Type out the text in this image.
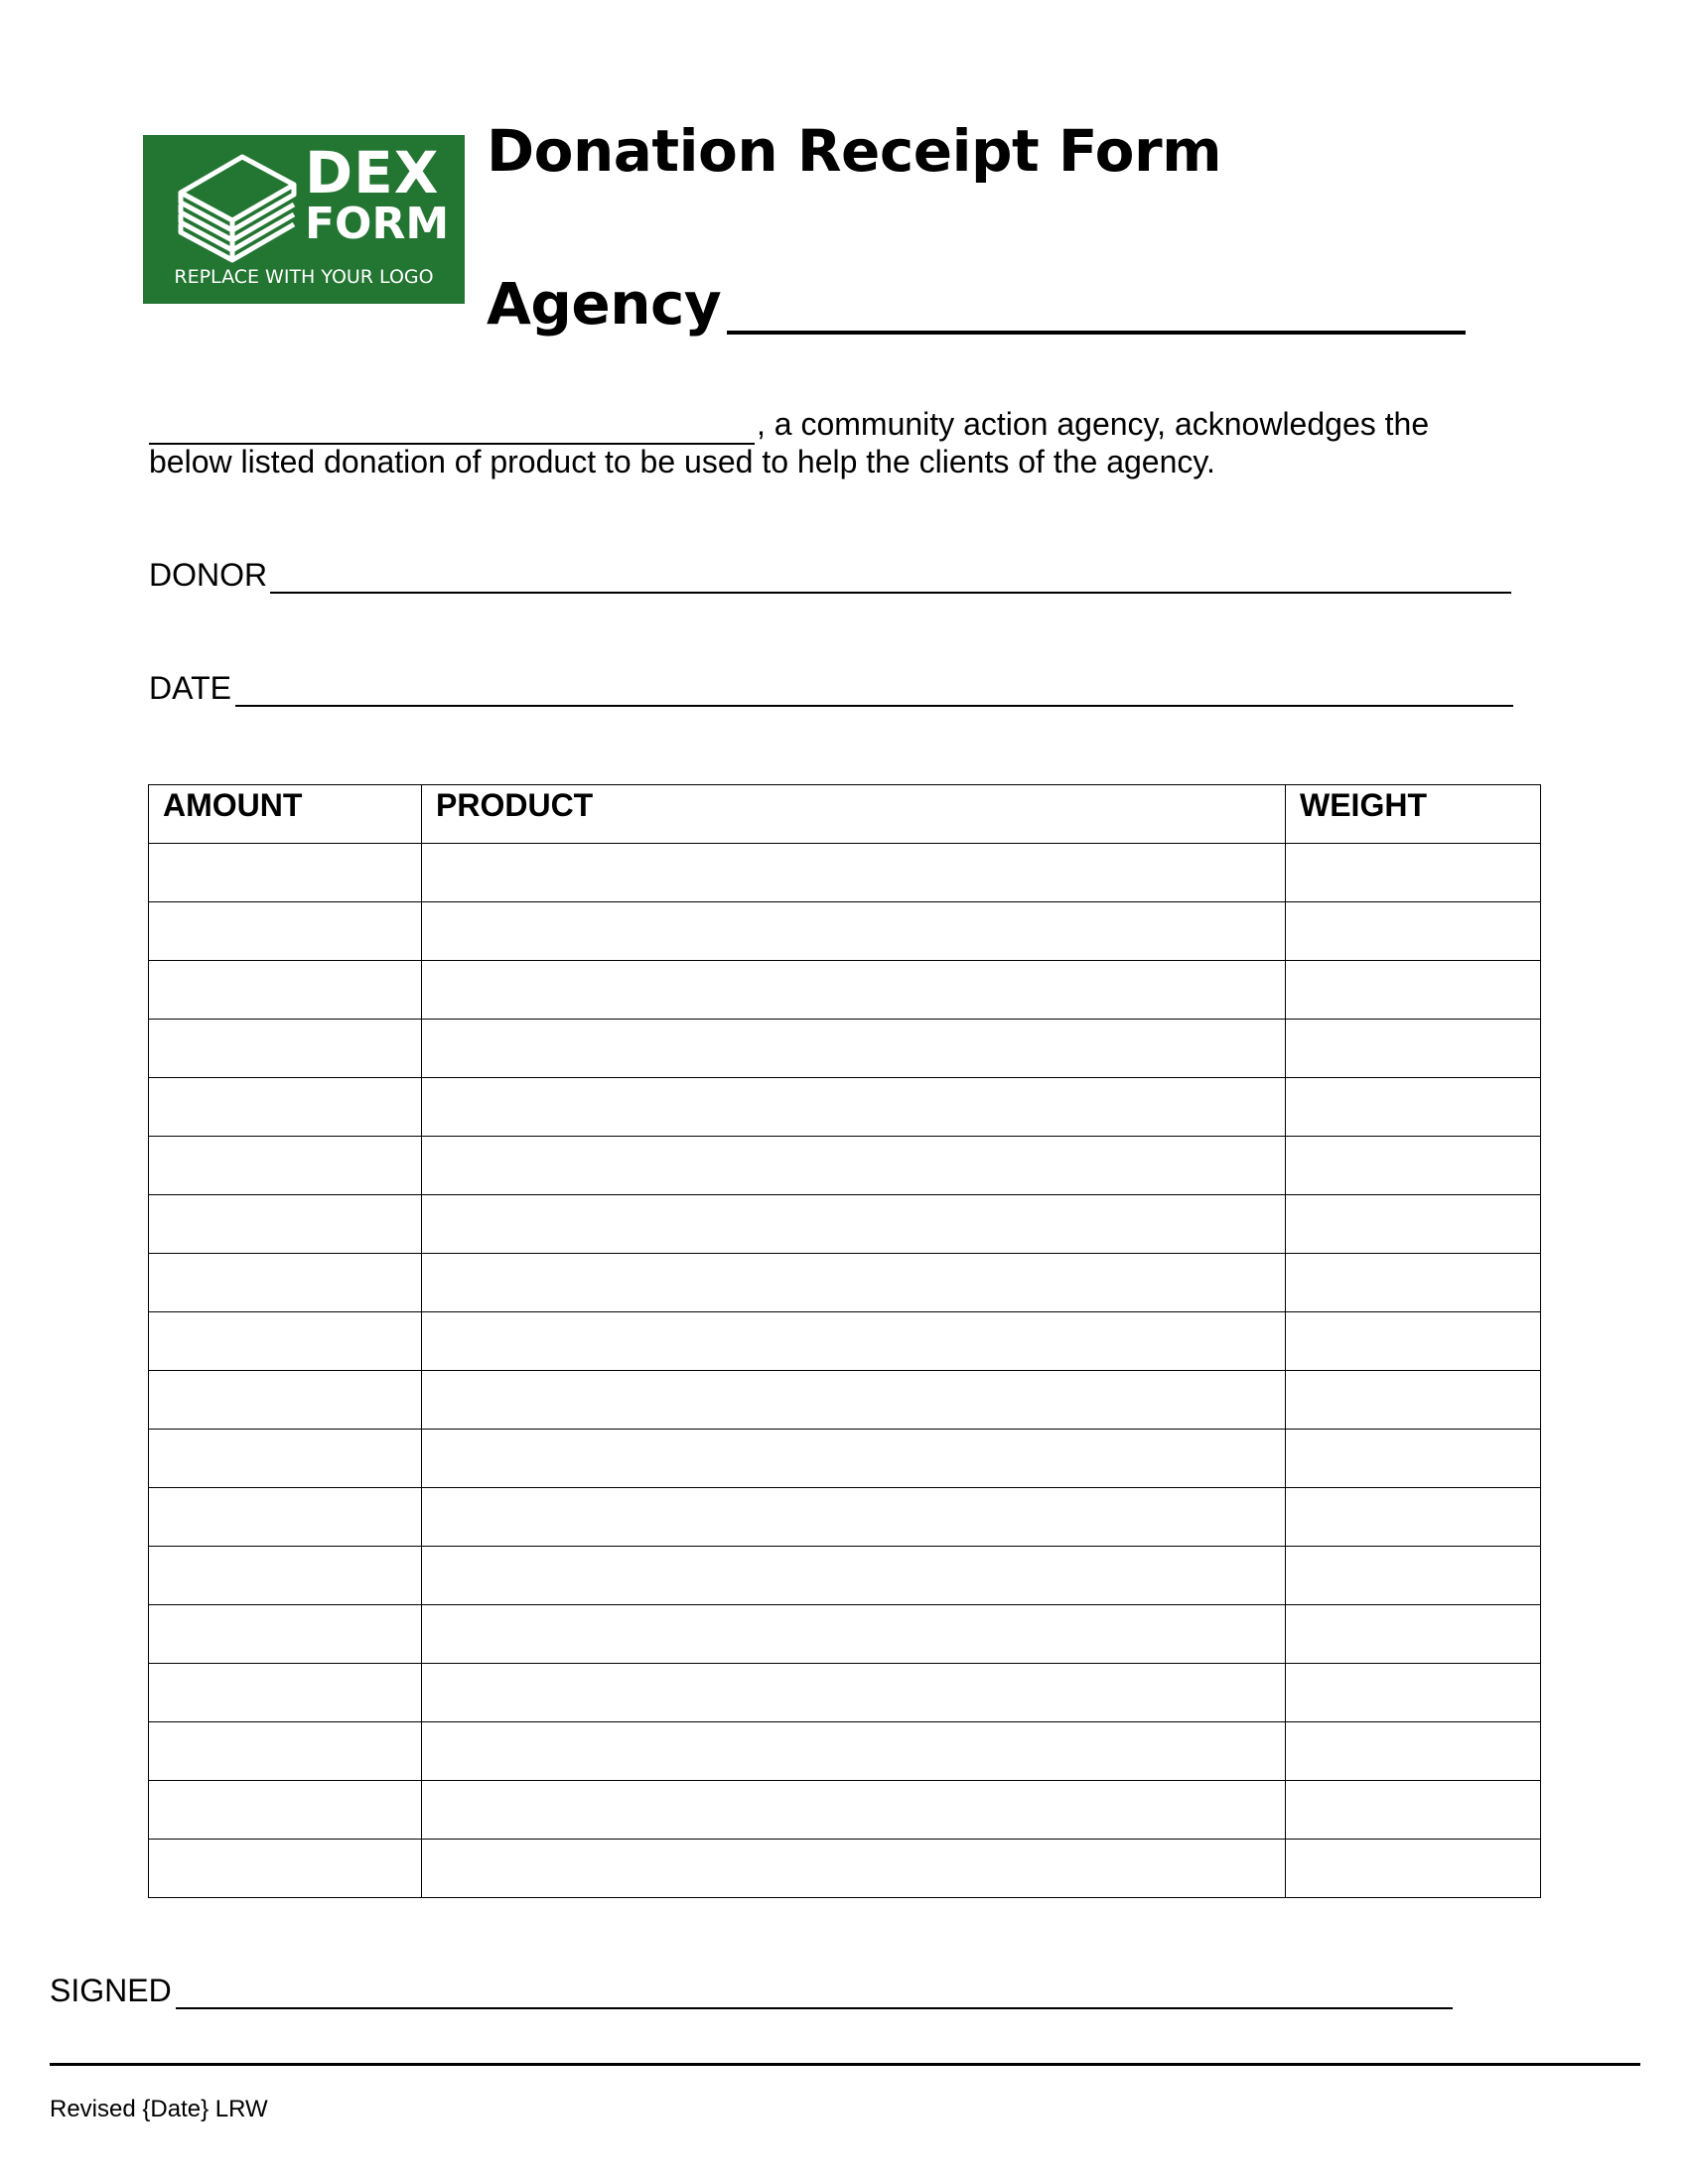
DEX
FORM
REPLACE WITH YOUR LOGO
Donation Receipt Form
Agency
, a community action agency, acknowledges the
below listed donation of product to be used to help the clients of the agency.
DONOR
DATE
AMOUNT	PRODUCT	WEIGHT

SIGNED
Revised {Date} LRW
